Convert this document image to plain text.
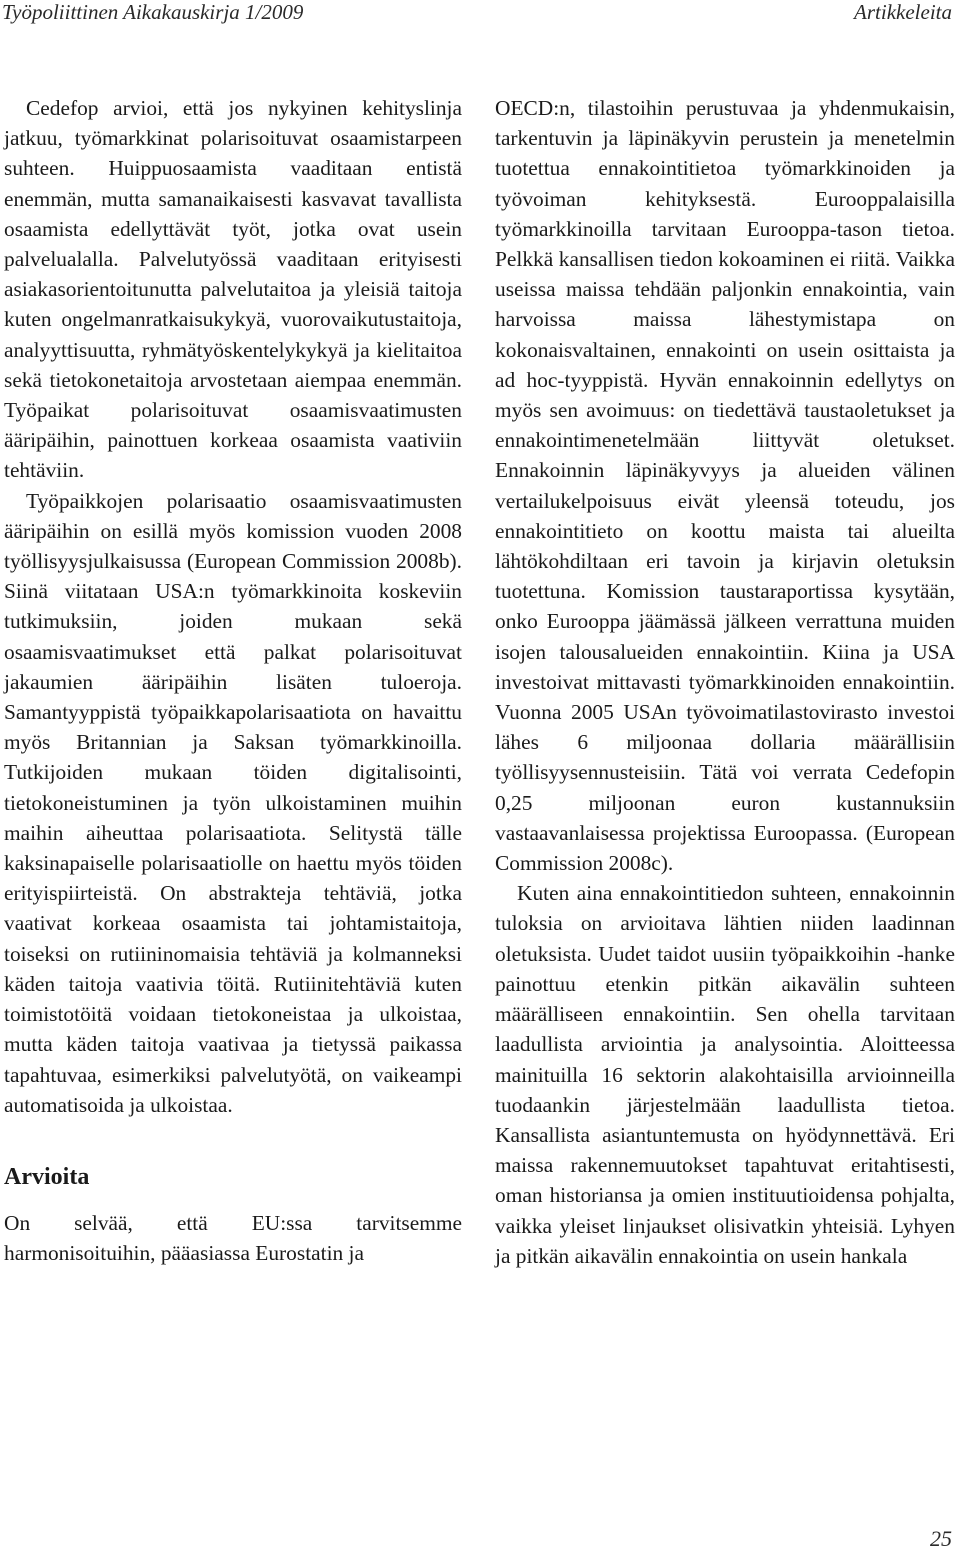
Työpoliittinen Aikakauskirja 1/2009	Artikkeleita

Cedefop arvioi, että jos nykyinen kehityslinja jatkuu, työmarkkinat polarisoituvat osaamistarpeen suhteen. Huippuosaamista vaaditaan entistä enemmän, mutta samanaikaisesti kasvavat tavallista osaamista edellyttävät työt, jotka ovat usein palvelualalla. Palvelutyössä vaaditaan erityisesti asiakasorientoitunutta palvelutaitoa ja yleisiä taitoja kuten ongelmanratkaisukykyä, vuorovaikutustaitoja, analyyttisuutta, ryhmätyöskentelykykyä ja kielitaitoa sekä tietokonetaitoja arvostetaan aiempaa enemmän. Työpaikat polarisoituvat osaamisvaatimusten ääripäihin, painottuen korkeaa osaamista vaativiin tehtäviin.

Työpaikkojen polarisaatio osaamisvaatimusten ääripäihin on esillä myös komission vuoden 2008 työllisyysjulkaisussa (European Commission 2008b). Siinä viitataan USA:n työmarkkinoita koskeviin tutkimuksiin, joiden mukaan sekä osaamisvaatimukset että palkat polarisoituvat jakaumien ääripäihin lisäten tuloeroja. Samantyyppistä työpaikkapolarisaatiota on havaittu myös Britannian ja Saksan työmarkkinoilla. Tutkijoiden mukaan töiden digitalisointi, tietokoneistuminen ja työn ulkoistaminen muihin maihin aiheuttaa polarisaatiota. Selitystä tälle kaksinapaiselle polarisaatiolle on haettu myös töiden erityispiirteistä. On abstrakteja tehtäviä, jotka vaativat korkeaa osaamista tai johtamistaitoja, toiseksi on rutiininomaisia tehtäviä ja kolmanneksi käden taitoja vaativia töitä. Rutiinitehtäviä kuten toimistotöitä voidaan tietokoneistaa ja ulkoistaa, mutta käden taitoja vaativaa ja tietyssä paikassa tapahtuvaa, esimerkiksi palvelutyötä, on vaikeampi automatisoida ja ulkoistaa.

Arvioita

On selvää, että EU:ssa tarvitsemme harmonisoituihin, pääasiassa Eurostatin ja

OECD:n, tilastoihin perustuvaa ja yhdenmukaisin, tarkentuvin ja läpinäkyvin perustein ja menetelmin tuotettua ennakointitietoa työmarkkinoiden ja työvoiman kehityksestä. Eurooppalaisilla työmarkkinoilla tarvitaan Eurooppa-tason tietoa. Pelkkä kansallisen tiedon kokoaminen ei riitä. Vaikka useissa maissa tehdään paljonkin ennakointia, vain harvoissa maissa lähestymistapa on kokonaisvaltainen, ennakointi on usein osittaista ja ad hoc-tyyppistä. Hyvän ennakoinnin edellytys on myös sen avoimuus: on tiedettävä taustaoletukset ja ennakointimenetelmään liittyvät oletukset. Ennakoinnin läpinäkyvyys ja alueiden välinen vertailukelpoisuus eivät yleensä toteudu, jos ennakointitieto on koottu maista tai alueilta lähtökohdiltaan eri tavoin ja kirjavin oletuksin tuotettuna. Komission taustaraportissa kysytään, onko Eurooppa jäämässä jälkeen verrattuna muiden isojen talousalueiden ennakointiin. Kiina ja USA investoivat mittavasti työmarkkinoiden ennakointiin. Vuonna 2005 USAn työvoimatilastovirasto investoi lähes 6 miljoonaa dollaria määrällisiin työllisyysennusteisiin. Tätä voi verrata Cedefopin 0,25 miljoonan euron kustannuksiin vastaavanlaisessa projektissa Euroopassa. (European Commission 2008c).

Kuten aina ennakointitiedon suhteen, ennakoinnin tuloksia on arvioitava lähtien niiden laadinnan oletuksista. Uudet taidot uusiin työpaikkoihin -hanke painottuu etenkin pitkän aikavälin suhteen määrälliseen ennakointiin. Sen ohella tarvitaan laadullista arviointia ja analysointia. Aloitteessa mainituilla 16 sektorin alakohtaisilla arvioinneilla tuodaankin järjestelmään laadullista tietoa. Kansallista asiantuntemusta on hyödynnettävä. Eri maissa rakennemuutokset tapahtuvat eritahtisesti, oman historiansa ja omien instituutioidensa pohjalta, vaikka yleiset linjaukset olisivatkin yhteisiä. Lyhyen ja pitkän aikavälin ennakointia on usein hankala

25
